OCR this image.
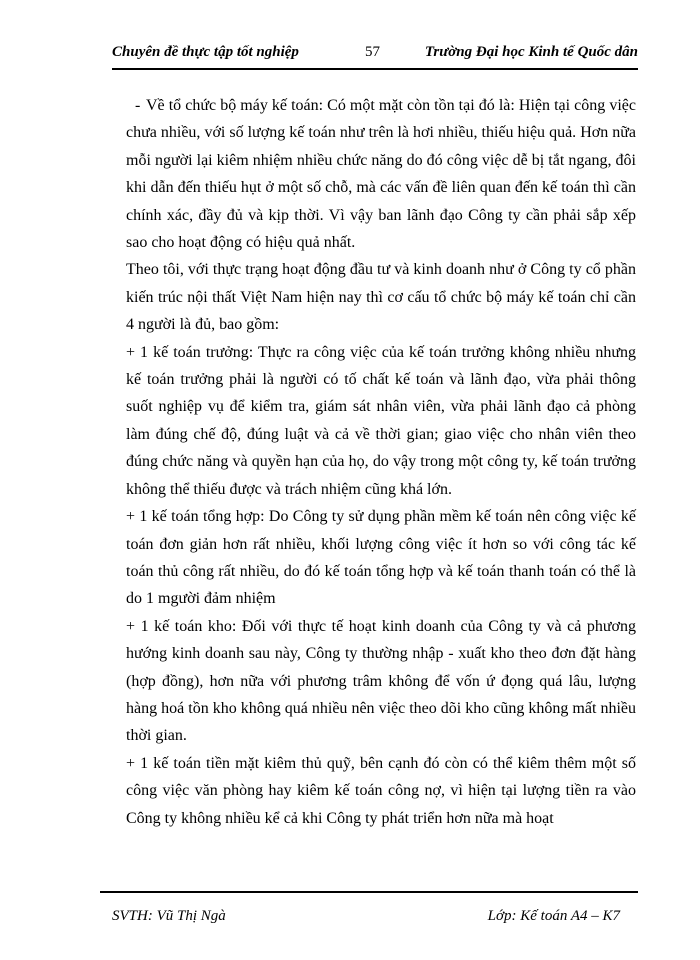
Chuyên đề thực tập tốt nghiệp	57	Trường Đại học Kinh tế Quốc dân

- Về tổ chức bộ máy kế toán: Có một mặt còn tồn tại đó là: Hiện tại công việc chưa nhiều, với số lượng kế toán như trên là hơi nhiều, thiếu hiệu quả. Hơn nữa mỗi người lại kiêm nhiệm nhiều chức năng do đó công việc dễ bị tắt ngang, đôi khi dẫn đến thiếu hụt ở một số chỗ, mà các vấn đề liên quan đến kế toán thì cần chính xác, đầy đủ và kịp thời. Vì vậy ban lãnh đạo Công ty cần phải sắp xếp sao cho hoạt động có hiệu quả nhất.

Theo tôi, với thực trạng hoạt động đầu tư và kinh doanh như ở Công ty cổ phần kiến trúc nội thất Việt Nam hiện nay thì cơ cấu tổ chức bộ máy kế toán chỉ cần 4 người là đủ, bao gồm:

+ 1 kế toán trưởng: Thực ra công việc của kế toán trưởng không nhiều nhưng kế toán trưởng phải là người có tố chất kế toán và lãnh đạo, vừa phải thông suốt nghiệp vụ để kiểm tra, giám sát nhân viên, vừa phải lãnh đạo cả phòng làm đúng chế độ, đúng luật và cả về thời gian; giao việc cho nhân viên theo đúng chức năng và quyền hạn của họ, do vậy trong một công ty, kế toán trưởng không thể thiếu được và trách nhiệm cũng khá lớn.

+ 1 kế toán tổng hợp: Do Công ty sử dụng phần mềm kế toán nên công việc kế toán đơn giản hơn rất nhiều, khối lượng công việc ít hơn so với công tác kế toán thủ công rất nhiều, do đó kế toán tổng hợp và kế toán thanh toán có thể là do 1 mgười đảm nhiệm

+ 1 kế toán kho: Đối với thực tế hoạt kinh doanh của Công ty và cả phương hướng kinh doanh sau này, Công ty thường nhập - xuất kho theo đơn đặt hàng (hợp đồng), hơn nữa với phương trâm không để vốn ứ đọng quá lâu, lượng hàng hoá tồn kho không quá nhiều nên việc theo dõi kho cũng không mất nhiều thời gian.

+ 1 kế toán tiền mặt kiêm thủ quỹ, bên cạnh đó còn có thể kiêm thêm một số công việc văn phòng hay kiêm kế toán công nợ, vì hiện tại lượng tiền ra vào Công ty không nhiều kể cả khi Công ty phát triển hơn nữa mà hoạt

SVTH: Vũ Thị Ngà	Lớp: Kế toán A4 – K7
